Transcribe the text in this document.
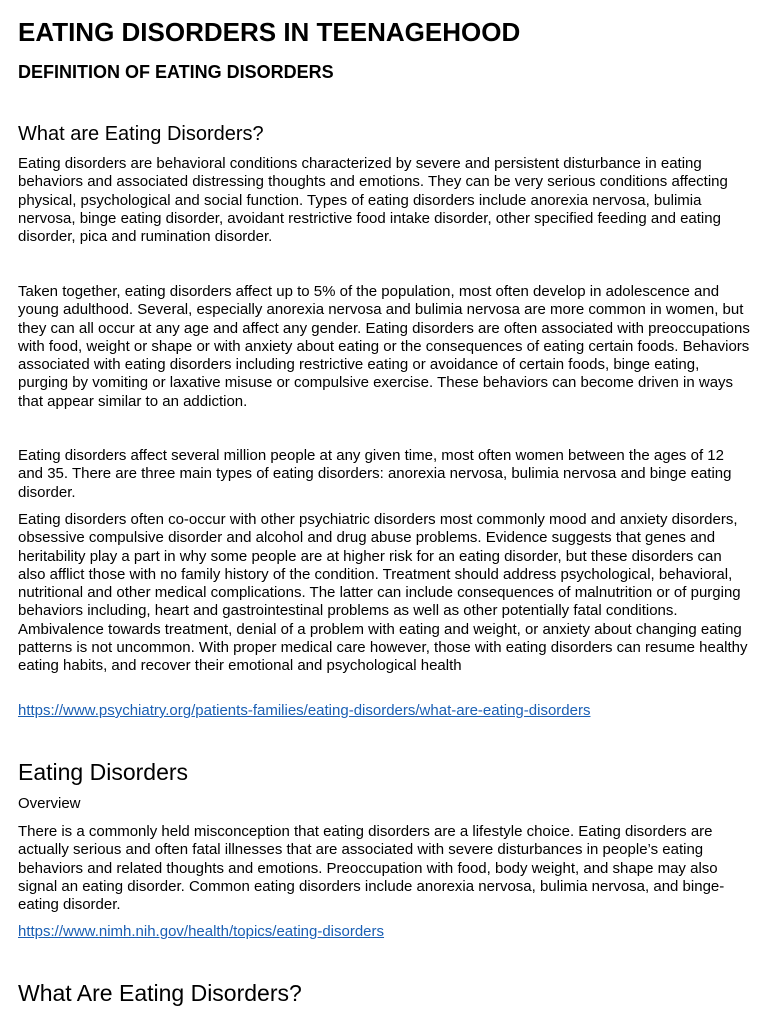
EATING DISORDERS IN TEENAGEHOOD
DEFINITION OF EATING DISORDERS
What are Eating Disorders?

Eating disorders are behavioral conditions characterized by severe and persistent disturbance in eating behaviors and associated distressing thoughts and emotions. They can be very serious conditions affecting physical, psychological and social function. Types of eating disorders include anorexia nervosa, bulimia nervosa, binge eating disorder, avoidant restrictive food intake disorder, other specified feeding and eating disorder, pica and rumination disorder.

Taken together, eating disorders affect up to 5% of the population, most often develop in adolescence and young adulthood. Several, especially anorexia nervosa and bulimia nervosa are more common in women, but they can all occur at any age and affect any gender. Eating disorders are often associated with preoccupations with food, weight or shape or with anxiety about eating or the consequences of eating certain foods. Behaviors associated with eating disorders including restrictive eating or avoidance of certain foods, binge eating, purging by vomiting or laxative misuse or compulsive exercise. These behaviors can become driven in ways that appear similar to an addiction.

Eating disorders affect several million people at any given time, most often women between the ages of 12 and 35. There are three main types of eating disorders: anorexia nervosa, bulimia nervosa and binge eating disorder.

Eating disorders often co-occur with other psychiatric disorders most commonly mood and anxiety disorders, obsessive compulsive disorder and alcohol and drug abuse problems. Evidence suggests that genes and heritability play a part in why some people are at higher risk for an eating disorder, but these disorders can also afflict those with no family history of the condition. Treatment should address psychological, behavioral, nutritional and other medical complications. The latter can include consequences of malnutrition or of purging behaviors including, heart and gastrointestinal problems as well as other potentially fatal conditions. Ambivalence towards treatment, denial of a problem with eating and weight, or anxiety about changing eating patterns is not uncommon. With proper medical care however, those with eating disorders can resume healthy eating habits, and recover their emotional and psychological health

https://www.psychiatry.org/patients-families/eating-disorders/what-are-eating-disorders

Eating Disorders

Overview

There is a commonly held misconception that eating disorders are a lifestyle choice. Eating disorders are actually serious and often fatal illnesses that are associated with severe disturbances in people’s eating behaviors and related thoughts and emotions. Preoccupation with food, body weight, and shape may also signal an eating disorder. Common eating disorders include anorexia nervosa, bulimia nervosa, and binge-eating disorder.

https://www.nimh.nih.gov/health/topics/eating-disorders

What Are Eating Disorders?
